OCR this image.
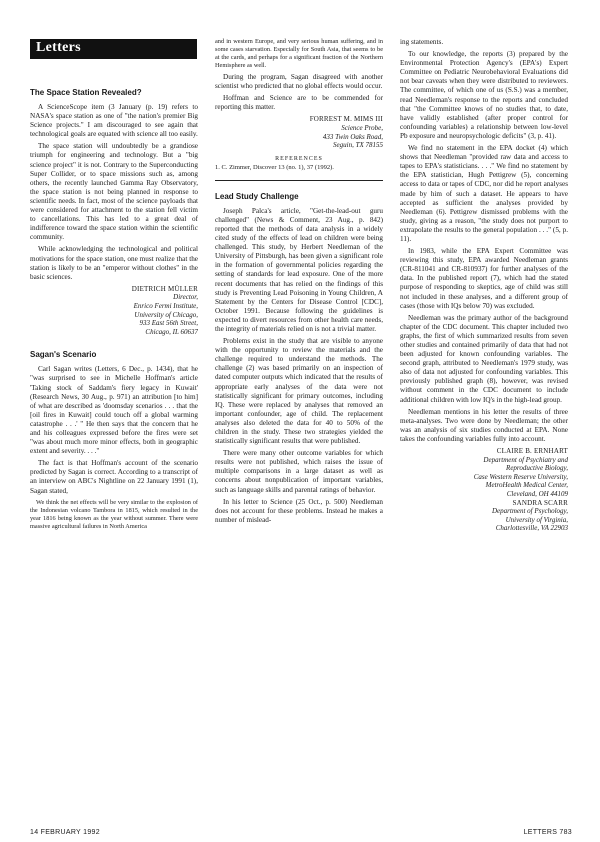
Letters
The Space Station Revealed?

A ScienceScope item (3 January (p. 19) refers to NASA's space station as one of "the nation's premier Big Science projects." I am discouraged to see again that technological goals are equated with science all too easily.

The space station will undoubtedly be a grandiose triumph for engineering and technology. But a "big science project" it is not. Contrary to the Superconducting Super Collider, or to space missions such as, among others, the recently launched Gamma Ray Observatory, the space station is not being planned in response to scientific needs. In fact, most of the science payloads that were considered for attachment to the station fell victim to cancellations. This has led to a great deal of indifference toward the space station within the scientific community.

While acknowledging the technological and political motivations for the space station, one must realize that the station is likely to be an "emperor without clothes" in the basic sciences.

DIETRICH MÜLLER
Director,
Enrico Fermi Institute,
University of Chicago,
933 East 56th Street,
Chicago, IL 60637
Sagan's Scenario

Carl Sagan writes (Letters, 6 Dec., p. 1434), that he "was surprised to see in Michelle Hoffman's article 'Taking stock of Saddam's fiery legacy in Kuwait' (Research News, 30 Aug., p. 971) an attribution [to him] of what are described as 'doomsday scenarios . . . that the [oil fires in Kuwait] could touch off a global warming catastrophe . . .' " He then says that the concern that he and his colleagues expressed before the fires were set "was about much more minor effects, both in geographic extent and severity. . . ."

The fact is that Hoffman's account of the scenario predicted by Sagan is correct. According to a transcript of an interview on ABC's Nightline on 22 January 1991 (1), Sagan stated,

We think the net effects will be very similar to the explosion of the Indonesian volcano Tambora in 1815, which resulted in the year 1816 being known as the year without summer. There were massive agricultural failures in North America

and in western Europe, and very serious human suffering, and in some cases starvation. Especially for South Asia, that seems to be at the cards, and perhaps for a significant fraction of the Northern Hemisphere as well.

During the program, Sagan disagreed with another scientist who predicted that no global effects would occur.

Hoffman and Science are to be commended for reporting this matter.

FORREST M. MIMS III
Science Probe,
433 Twin Oaks Road,
Seguin, TX 78155
REFERENCES
1. C. Zimmer, Discover 13 (no. 1), 37 (1992).
Lead Study Challenge

Joseph Palca's article, "Get-the-lead-out guru challenged" (News & Comment, 23 Aug., p. 842) reported that the methods of data analysis in a widely cited study of the effects of lead on children were being challenged. This study, by Herbert Needleman of the University of Pittsburgh, has been given a significant role in the formation of governmental policies regarding the setting of standards for lead exposure. One of the more recent documents that has relied on the findings of this study is Preventing Lead Poisoning in Young Children, A Statement by the Centers for Disease Control [CDC], October 1991. Because following the guidelines is expected to divert resources from other health care needs, the integrity of materials relied on is not a trivial matter.

Problems exist in the study that are visible to anyone with the opportunity to review the materials and the challenge required to understand the methods. The challenge (2) was based primarily on an inspection of dated computer outputs which indicated that the results of appropriate early analyses of the data were not statistically significant for primary outcomes, including IQ. These were replaced by analyses that removed an important confounder, age of child. The replacement analyses also deleted the data for 40 to 50% of the children in the study. These two strategies yielded the statistically significant results that were published.

There were many other outcome variables for which results were not published, which raises the issue of multiple comparisons in a large dataset as well as concerns about nonpublication of important variables, such as language skills and parental ratings of behavior.

In his letter to Science (25 Oct., p. 500) Needleman does not account for these problems. Instead he makes a number of mislead-

ing statements.

To our knowledge, the reports (3) prepared by the Environmental Protection Agency's (EPA's) Expert Committee on Pediatric Neurobehavioral Evaluations did not bear caveats when they were distributed to reviewers. The committee, of which one of us (S.S.) was a member, read Needleman's response to the reports and concluded that "the Committee knows of no studies that, to date, have validly established (after proper control for confounding variables) a relationship between low-level Pb exposure and neuropsychologic deficits" (3, p. 41).

We find no statement in the EPA docket (4) which shows that Needleman "provided raw data and access to tapes to EPA's statisticians. . . ." We find no statement by the EPA statistician, Hugh Pettigrew (5), concerning access to data or tapes of CDC, nor did he report analyses made by him of such a dataset. He appears to have accepted as sufficient the analyses provided by Needleman (6). Pettigrew dismissed problems with the study, giving as a reason, "the study does not purport to extrapolate the results to the general population . . ." (5, p. 11).

In 1983, while the EPA Expert Committee was reviewing this study, EPA awarded Needleman grants (CR-811041 and CR-810937) for further analyses of the data. In the published report (7), which had the stated purpose of responding to skeptics, age of child was still not included in these analyses, and a different group of cases (those with IQs below 70) was excluded.

Needleman was the primary author of the background chapter of the CDC document. This chapter included two graphs, the first of which summarized results from seven other studies and contained primarily of data that had not been adjusted for known confounding variables. The second graph, attributed to Needleman's 1979 study, was also of data not adjusted for confounding variables. This previously published graph (8), however, was revised without comment in the CDC document to include additional children with low IQ's in the high-lead group.

Needleman mentions in his letter the results of three meta-analyses. Two were done by Needleman; the other was an analysis of six studies conducted at EPA. None takes the confounding variables fully into account.

CLAIRE B. ERNHART
Department of Psychiatry and
Reproductive Biology,
Case Western Reserve University,
MetroHealth Medical Center,
Cleveland, OH 44109
SANDRA SCARR
Department of Psychology,
University of Virginia,
Charlottesville, VA 22903
14 FEBRUARY 1992	LETTERS 783
